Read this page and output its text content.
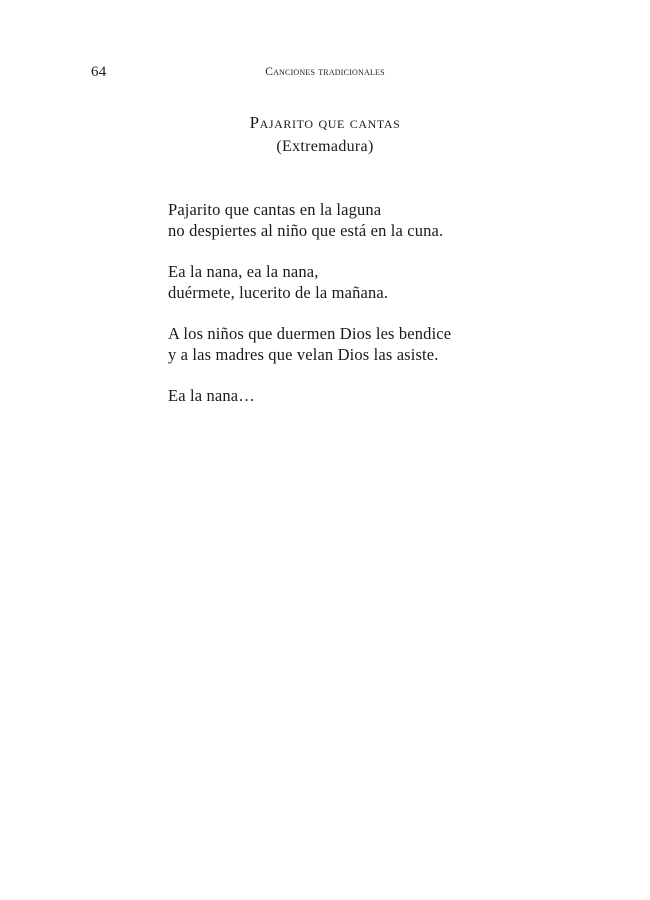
64	Canciones tradicionales
Pajarito que cantas
(Extremadura)
Pajarito que cantas en la laguna
no despiertes al niño que está en la cuna.
Ea la nana, ea la nana,
duérmete, lucerito de la mañana.
A los niños que duermen Dios les bendice
y a las madres que velan Dios las asiste.
Ea la nana…
